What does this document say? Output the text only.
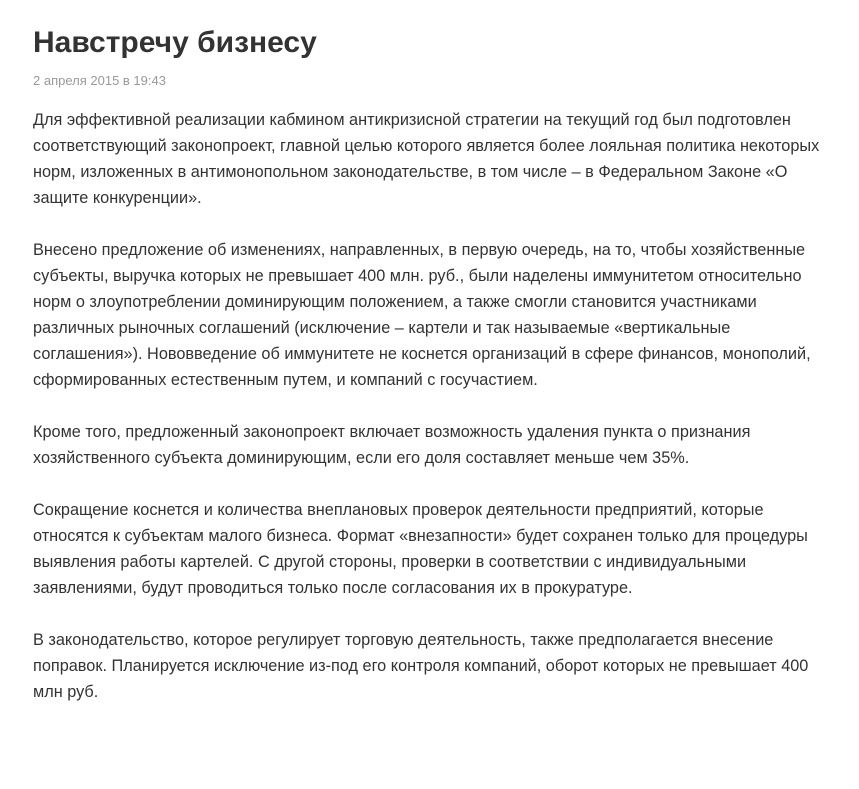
Навстречу бизнесу
2 апреля 2015 в 19:43

Для эффективной реализации кабмином антикризисной стратегии на текущий год был подготовлен соответствующий законопроект, главной целью которого является более лояльная политика некоторых норм, изложенных в антимонопольном законодательстве, в том числе – в Федеральном Законе «О защите конкуренции».

Внесено предложение об изменениях, направленных, в первую очередь, на то, чтобы хозяйственные субъекты, выручка которых не превышает 400 млн. руб., были наделены иммунитетом относительно норм о злоупотреблении доминирующим положением, а также смогли становится участниками различных рыночных соглашений (исключение – картели и так называемые «вертикальные соглашения»). Нововведение об иммунитете не коснется организаций в сфере финансов, монополий, сформированных естественным путем, и компаний с госучастием.

Кроме того, предложенный законопроект включает возможность удаления пункта о признания хозяйственного субъекта доминирующим, если его доля составляет меньше чем 35%.

Сокращение коснется и количества внеплановых проверок деятельности предприятий, которые относятся к субъектам малого бизнеса. Формат «внезапности» будет сохранен только для процедуры выявления работы картелей. С другой стороны, проверки в соответствии с индивидуальными заявлениями, будут проводиться только после согласования их в прокуратуре.

В законодательство, которое регулирует торговую деятельность, также предполагается внесение поправок. Планируется исключение из-под его контроля компаний, оборот которых не превышает 400 млн руб.
